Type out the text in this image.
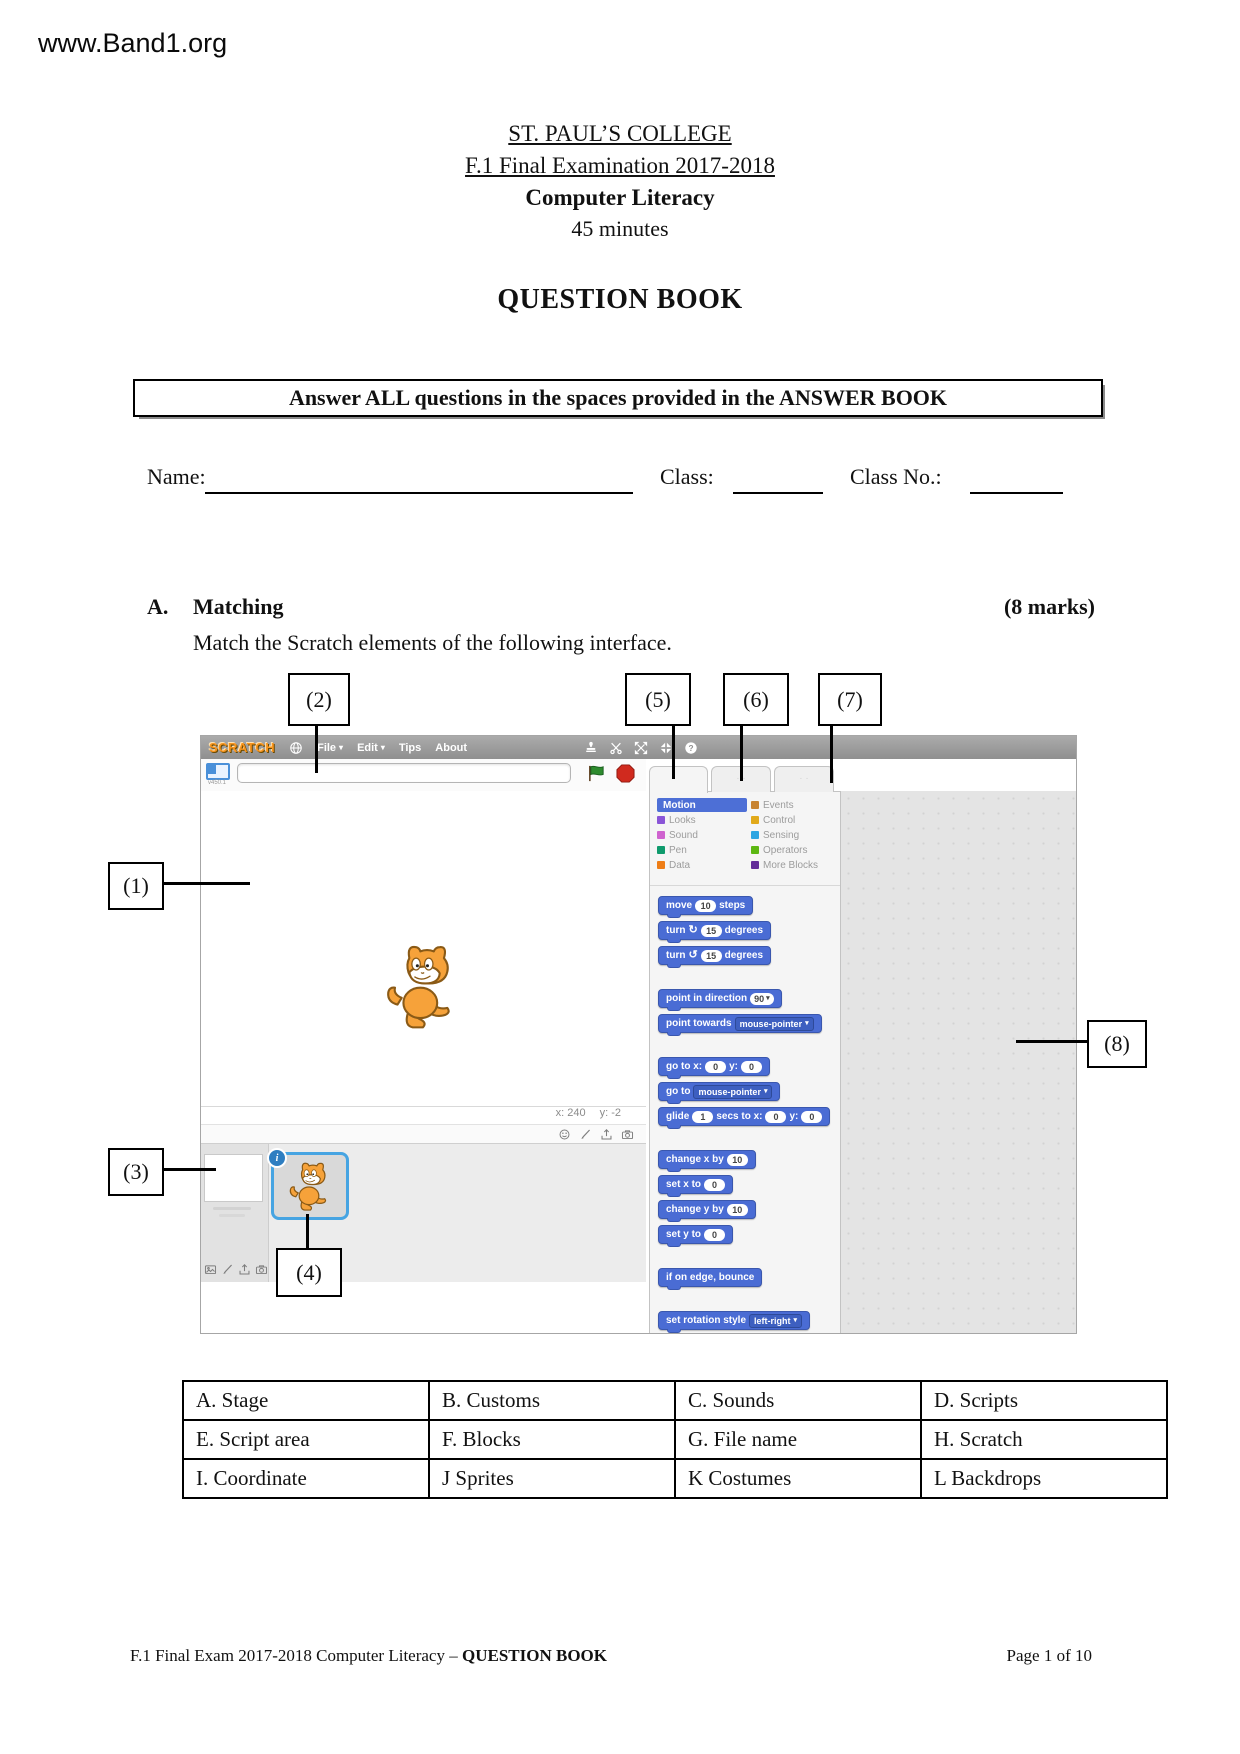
www.Band1.org
ST. PAUL’S COLLEGE
F.1 Final Examination 2017-2018
Computer Literacy
45 minutes
QUESTION BOOK
Answer ALL questions in the spaces provided in the ANSWER BOOK
Name:	Class:	Class No.:
A. Matching	(8 marks)
Match the Scratch elements of the following interface.
(2)	(5)	(6)	(7)
(1)
(3)
(4)
(8)
SCRATCH	File ▾ Edit ▾ Tips About
v450.1
x: 240 y: -2
i
· ·
· ·
Motion
Looks
Sound
Pen
Data
Events
Control
Sensing
Operators
More Blocks
move 10 steps
turn ↻ 15 degrees
turn ↺ 15 degrees
point in direction 90 ▾
point towards mouse-pointer ▾
go to x:	0	y:	0
go to mouse-pointer ▾
glide	1	secs to x:	0	y:	0
change x by 10
set x to	0
change y by 10
set y to	0
if on edge, bounce
set rotation style left-right ▾
A. Stage	B. Customs	C. Sounds	D. Scripts
E. Script area	F. Blocks	G. File name	H. Scratch
I. Coordinate	J Sprites	K Costumes	L Backdrops
F.1 Final Exam 2017-2018 Computer Literacy – QUESTION BOOK	Page 1 of 10
